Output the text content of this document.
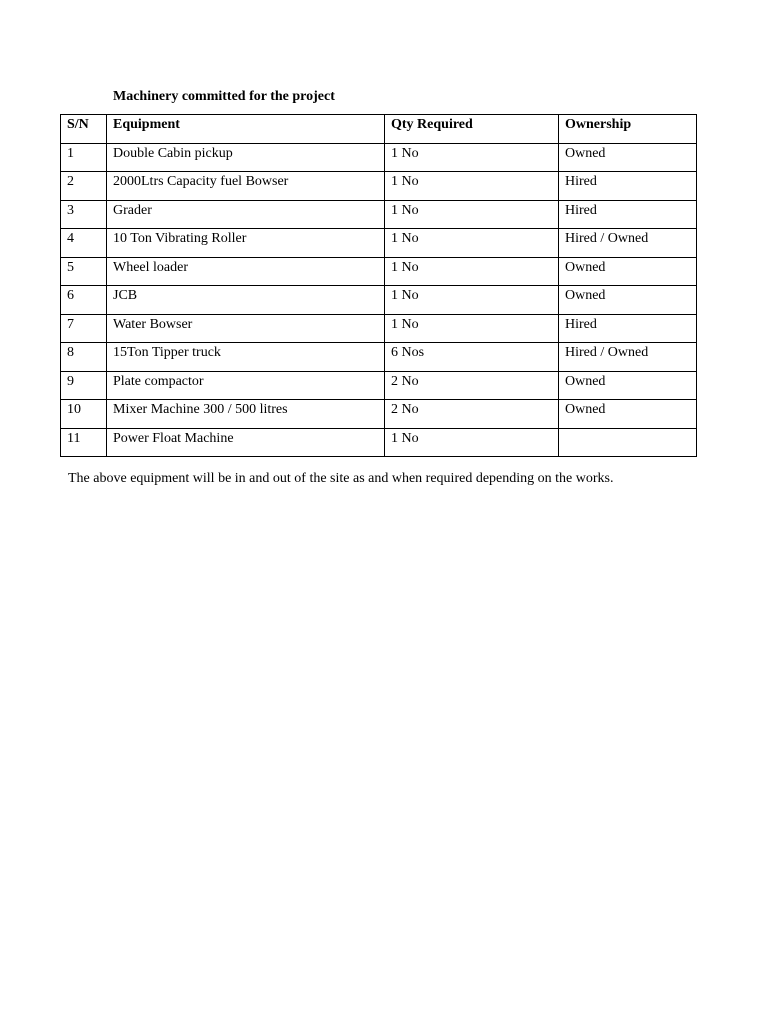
Machinery committed for the project
S/N	Equipment	Qty Required	Ownership
1	Double Cabin pickup	1 No	Owned
2	2000Ltrs Capacity fuel Bowser	1 No	Hired
3	Grader	1 No	Hired
4	10 Ton Vibrating Roller	1 No	Hired / Owned
5	Wheel loader	1 No	Owned
6	JCB	1 No	Owned
7	Water Bowser	1 No	Hired
8	15Ton Tipper truck	6 Nos	Hired / Owned
9	Plate compactor	2 No	Owned
10	Mixer Machine 300 / 500 litres	2 No	Owned
11	Power Float Machine	1 No	
The above equipment will be in and out of the site as and when required depending on the works.
